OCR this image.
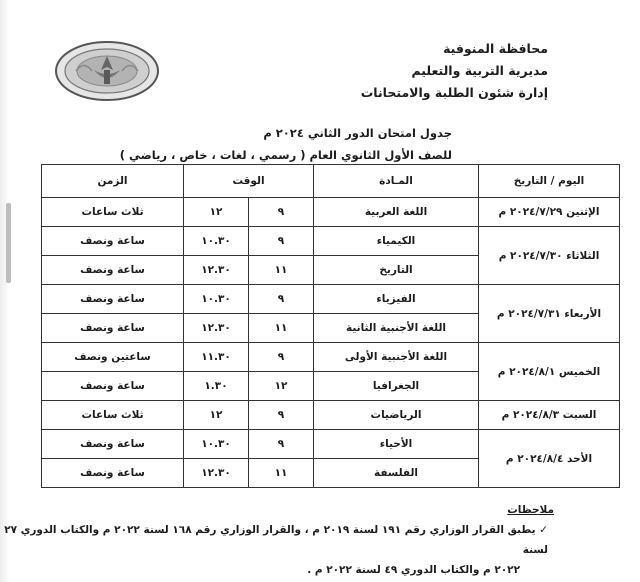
محافظة المنوفية
مديرية التربية والتعليم
إدارة شئون الطلبة والامتحانات
جدول امتحان الدور الثاني ٢٠٢٤ م
للصف الأول الثانوي العام ( رسمي ، لغات ، خاص ، رياضي )
اليوم / التاريخ	المـادة	الوقت		الزمن
الإثنين ٢٠٢٤/٧/٢٩ م	اللغة العربية	٩	١٢	ثلاث ساعات
الثلاثاء ٢٠٢٤/٧/٣٠ م	الكيمياء	٩	١٠.٣٠	ساعة ونصف
	التاريخ	١١	١٢.٣٠	ساعة ونصف
الأربعاء ٢٠٢٤/٧/٣١ م	الفيزياء	٩	١٠.٣٠	ساعة ونصف
	اللغة الأجنبية الثانية	١١	١٢.٣٠	ساعة ونصف
الخميس ٢٠٢٤/٨/١ م	اللغة الأجنبية الأولى	٩	١١.٣٠	ساعتين ونصف
	الجغرافيا	١٢	١.٣٠	ساعة ونصف
السبت ٢٠٢٤/٨/٣ م	الرياضيات	٩	١٢	ثلاث ساعات
الأحد ٢٠٢٤/٨/٤ م	الأحياء	٩	١٠.٣٠	ساعة ونصف
	الفلسفة	١١	١٢.٣٠	ساعة ونصف
ملاحظات
✓ يطبق القرار الوزاري رقم ١٩١ لسنة ٢٠١٩ م ، والقرار الوزاري رقم ١٦٨ لسنة ٢٠٢٢ م والكتاب الدوري ٢٧ لسنة
٢٠٢٢ م والكتاب الدوري ٤٩ لسنة ٢٠٢٢ م .
